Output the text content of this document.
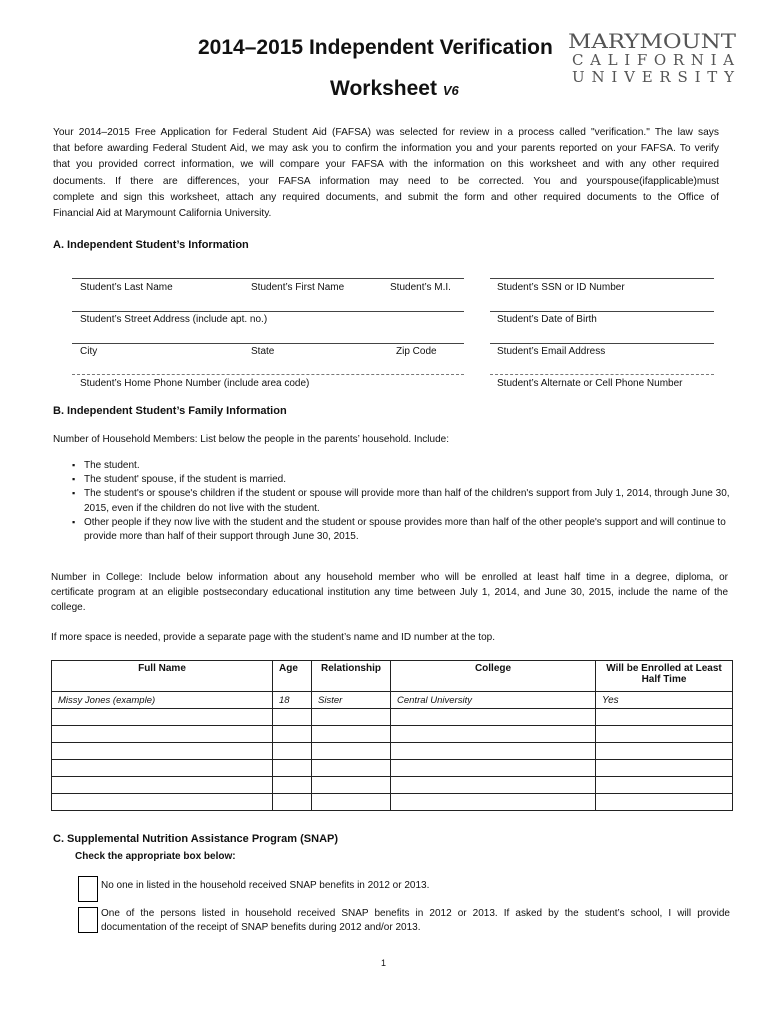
2014–2015 Independent Verification
Worksheet V6
MARYMOUNT
CALIFORNIA
UNIVERSITY
Your 2014–2015 Free Application for Federal Student Aid (FAFSA) was selected for review in a process called "verification." The law says
that before awarding Federal Student Aid, we may ask you to confirm the information you and your parents reported on your FAFSA. To verify
that you provided correct information, we will compare your FAFSA with the information on this worksheet and with any other required
documents. If there are differences, your FAFSA information may need to be corrected. You and yourspouse(ifapplicable)must
complete and sign this worksheet, attach any required documents, and submit the form and other required documents to the Office of
Financial Aid at Marymount California University.
A. Independent Student’s Information
Student’s Last Name	Student’s First Name	Student’s M.I.	Student’s SSN or ID Number
Student’s Street Address (include apt. no.)	Student’s Date of Birth
City	State	Zip Code	Student’s Email Address
Student’s Home Phone Number (include area code)	Student’s Alternate or Cell Phone Number
B. Independent Student’s Family Information
Number of Household Members: List below the people in the parents’ household. Include:
▪ The student.
▪ The student' spouse, if the student is married.
▪ The student's or spouse's children if the student or spouse will provide more than half of the children's support from July 1, 2014, through June 30, 2015, even if the children do not live with the student.
▪ Other people if they now live with the student and the student or spouse provides more than half of the other people's support and will continue to provide more than half of their support through June 30, 2015.
Number in College: Include below information about any household member who will be enrolled at least half time in a degree, diploma, or
certificate program at an eligible postsecondary educational institution any time between July 1, 2014, and June 30, 2015, include the name of the
college.
If more space is needed, provide a separate page with the student’s name and ID number at the top.
Full Name	Age	Relationship	College	Will be Enrolled at Least Half Time
Missy Jones (example)	18	Sister	Central University	Yes

C. Supplemental Nutrition Assistance Program (SNAP)
Check the appropriate box below:
No one in listed in the household received SNAP benefits in 2012 or 2013.
One of the persons listed in household received SNAP benefits in 2012 or 2013. If asked by the student’s school, I will provide
documentation of the receipt of SNAP benefits during 2012 and/or 2013.
1
